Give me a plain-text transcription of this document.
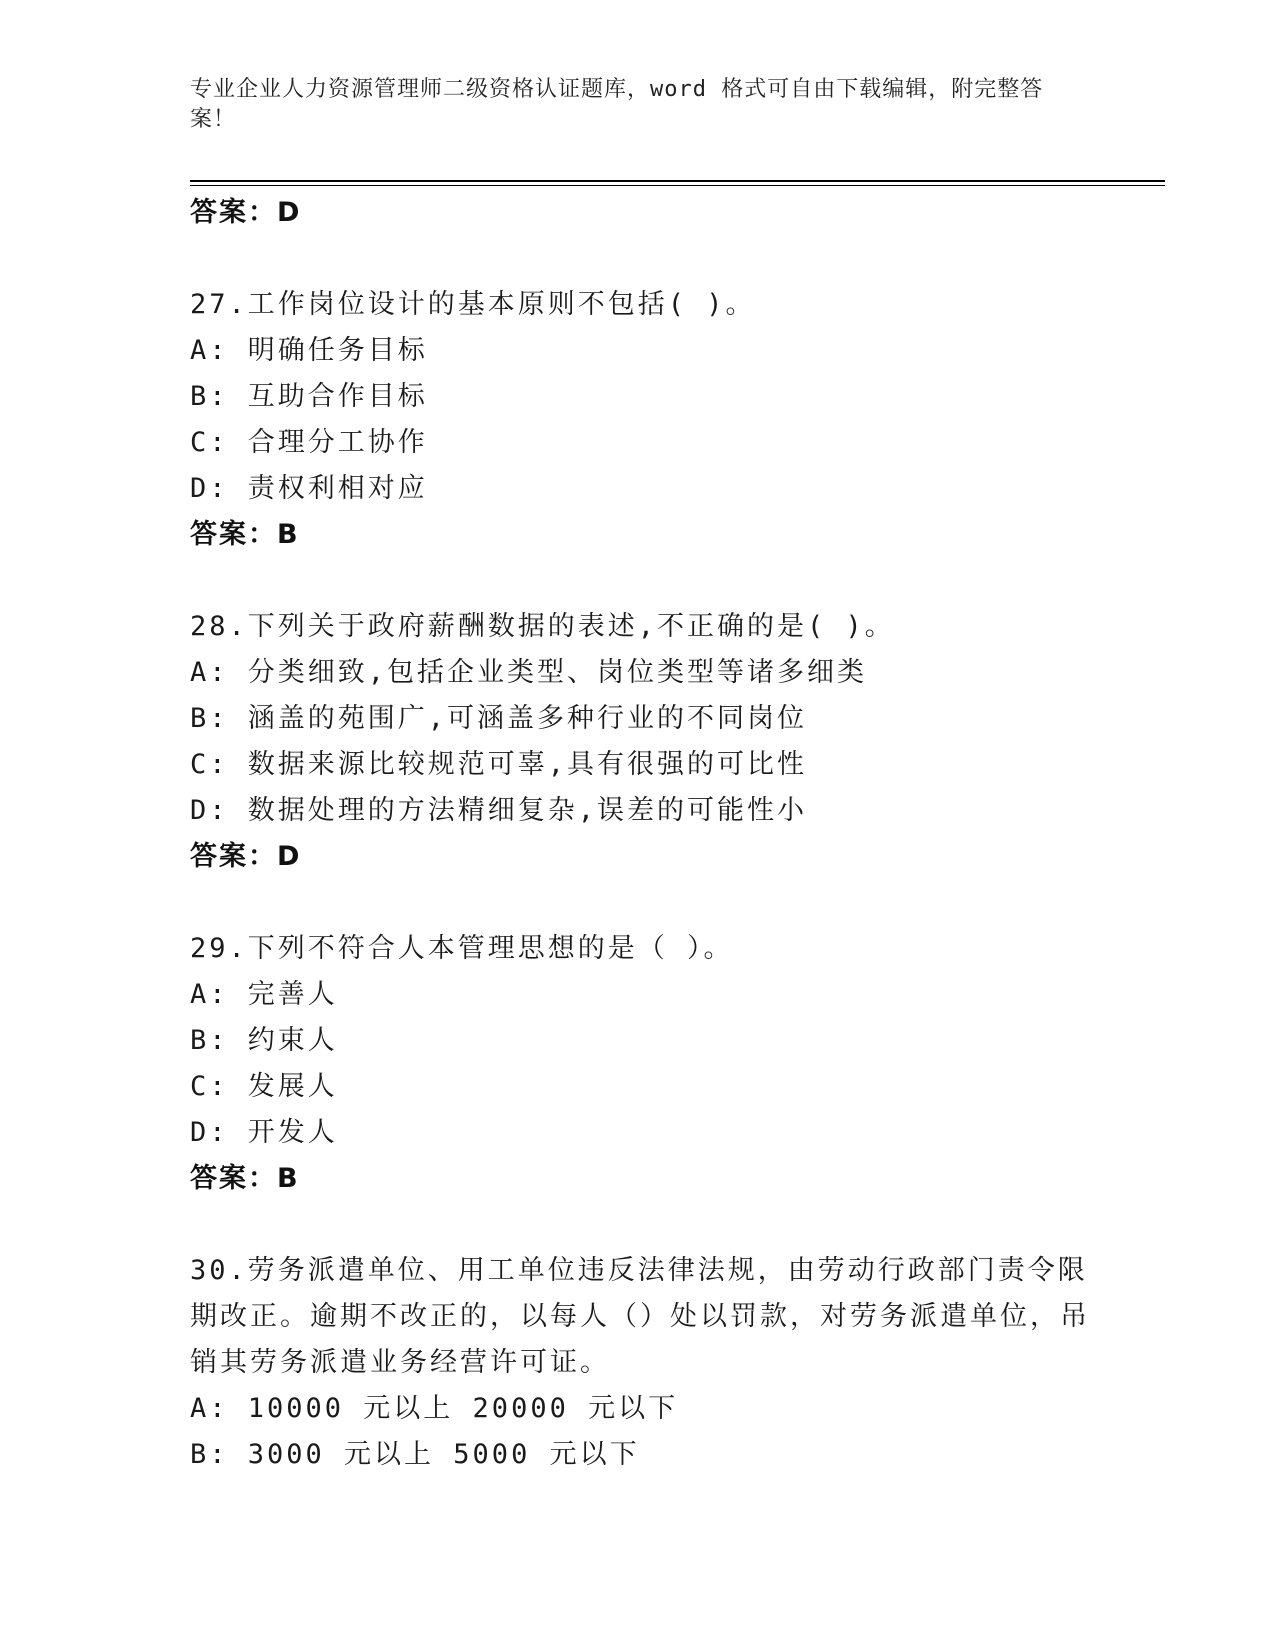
专业企业人力资源管理师二级资格认证题库，word 格式可自由下载编辑，附完整答案！
答案：D
27.工作岗位设计的基本原则不包括( )。
A: 明确任务目标
B: 互助合作目标
C: 合理分工协作
D: 责权利相对应
答案：B
28.下列关于政府薪酬数据的表述,不正确的是( )。
A: 分类细致,包括企业类型、岗位类型等诸多细类
B: 涵盖的苑围广,可涵盖多种行业的不同岗位
C: 数据来源比较规范可辜,具有很强的可比性
D: 数据处理的方法精细复杂,误差的可能性小
答案：D
29.下列不符合人本管理思想的是（ ）。
A: 完善人
B: 约束人
C: 发展人
D: 开发人
答案：B
30.劳务派遣单位、用工单位违反法律法规，由劳动行政部门责令限期改正。逾期不改正的，以每人（）处以罚款，对劳务派遣单位，吊销其劳务派遣业务经营许可证。
A: 10000 元以上 20000 元以下
B: 3000 元以上 5000 元以下
